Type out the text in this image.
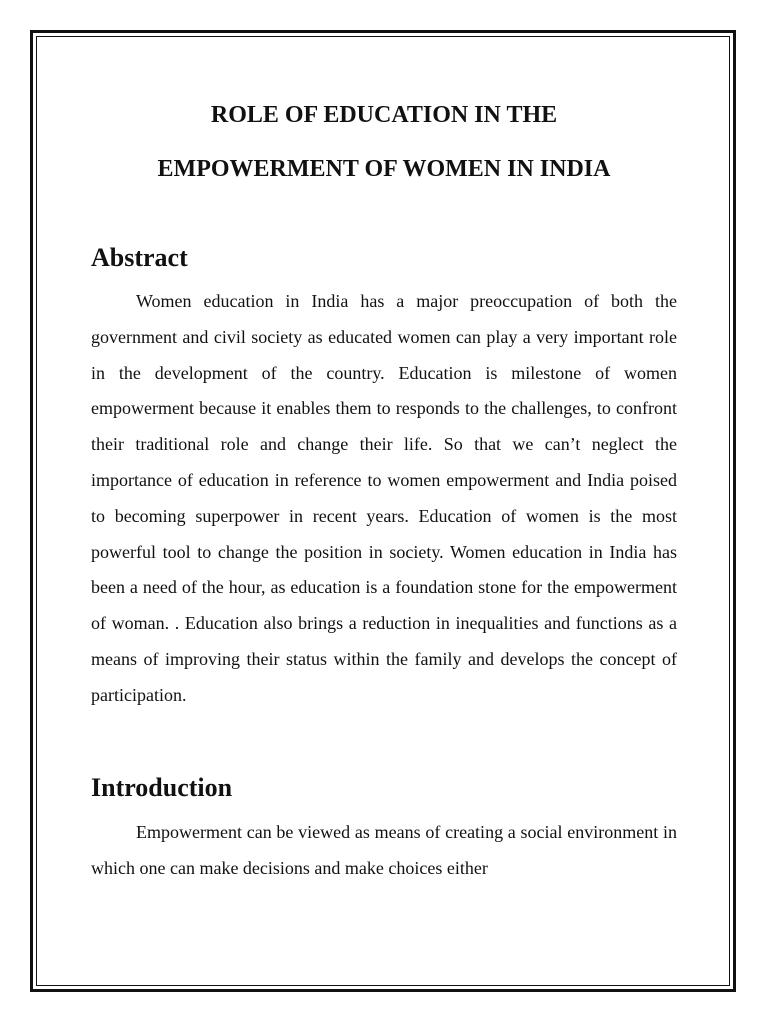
ROLE OF EDUCATION IN THE
EMPOWERMENT OF WOMEN IN INDIA
Abstract

Women education in India has a major preoccupation of both the government and civil society as educated women can play a very important role in the development of the country. Education is milestone of women empowerment because it enables them to responds to the challenges, to confront their traditional role and change their life. So that we can’t neglect the importance of education in reference to women empowerment and India poised to becoming superpower in recent years. Education of women is the most powerful tool to change the position in society. Women education in India has been a need of the hour, as education is a foundation stone for the empowerment of woman. . Education also brings a reduction in inequalities and functions as a means of improving their status within the family and develops the concept of participation.

Introduction

Empowerment can be viewed as means of creating a social environment in which one can make decisions and make choices either
